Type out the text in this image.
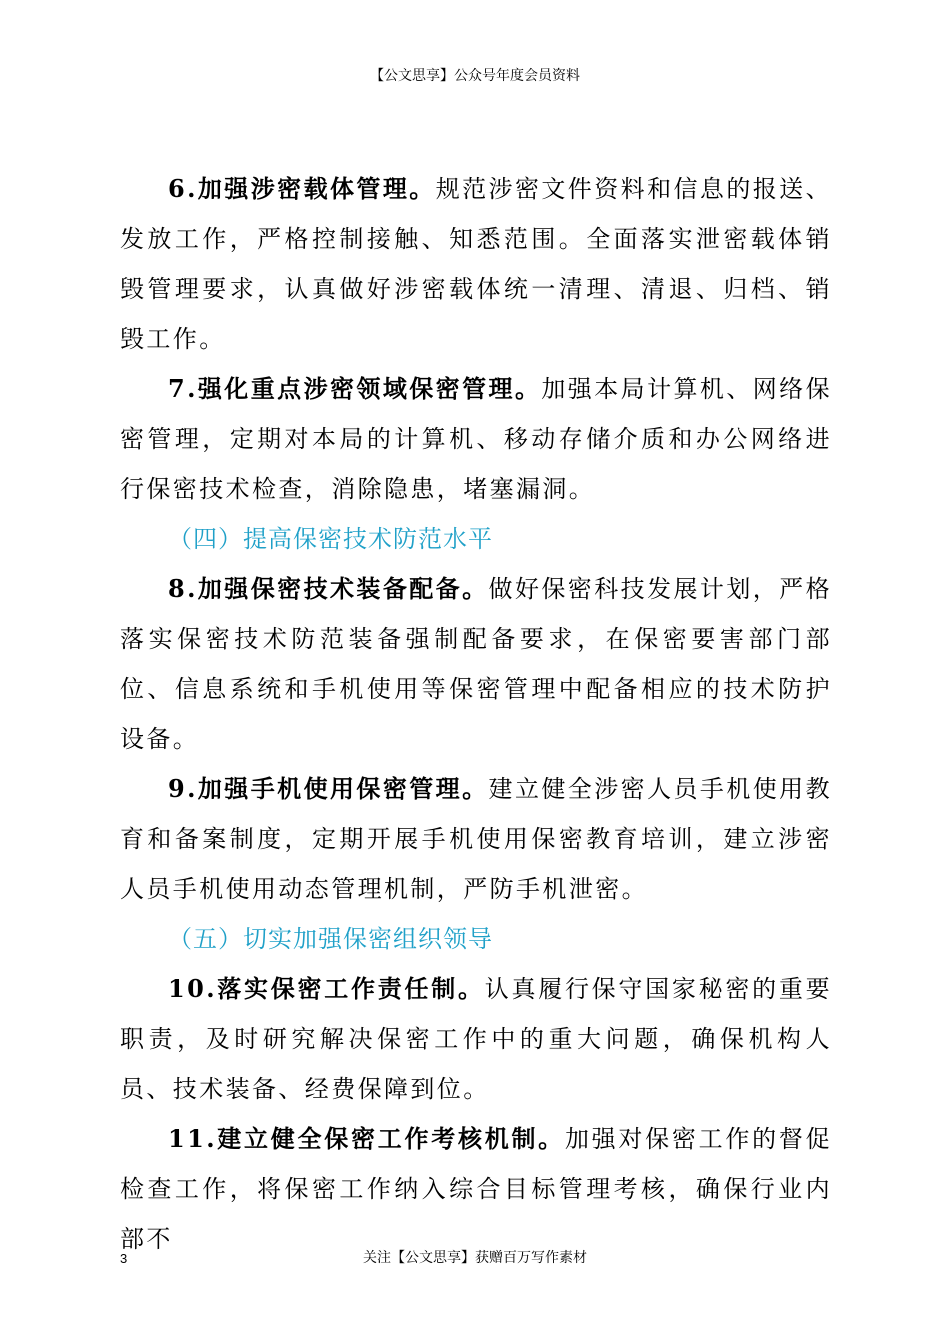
【公文思享】公众号年度会员资料

6.加强涉密载体管理。规范涉密文件资料和信息的报送、发放工作，严格控制接触、知悉范围。全面落实泄密载体销毁管理要求，认真做好涉密载体统一清理、清退、归档、销毁工作。

7.强化重点涉密领域保密管理。加强本局计算机、网络保密管理，定期对本局的计算机、移动存储介质和办公网络进行保密技术检查，消除隐患，堵塞漏洞。

（四）提高保密技术防范水平

8.加强保密技术装备配备。做好保密科技发展计划，严格落实保密技术防范装备强制配备要求，在保密要害部门部位、信息系统和手机使用等保密管理中配备相应的技术防护设备。

9.加强手机使用保密管理。建立健全涉密人员手机使用教育和备案制度，定期开展手机使用保密教育培训，建立涉密人员手机使用动态管理机制，严防手机泄密。

（五）切实加强保密组织领导

10.落实保密工作责任制。认真履行保守国家秘密的重要职责，及时研究解决保密工作中的重大问题，确保机构人员、技术装备、经费保障到位。

11.建立健全保密工作考核机制。加强对保密工作的督促检查工作，将保密工作纳入综合目标管理考核，确保行业内部不

3	关注【公文思享】获赠百万写作素材
